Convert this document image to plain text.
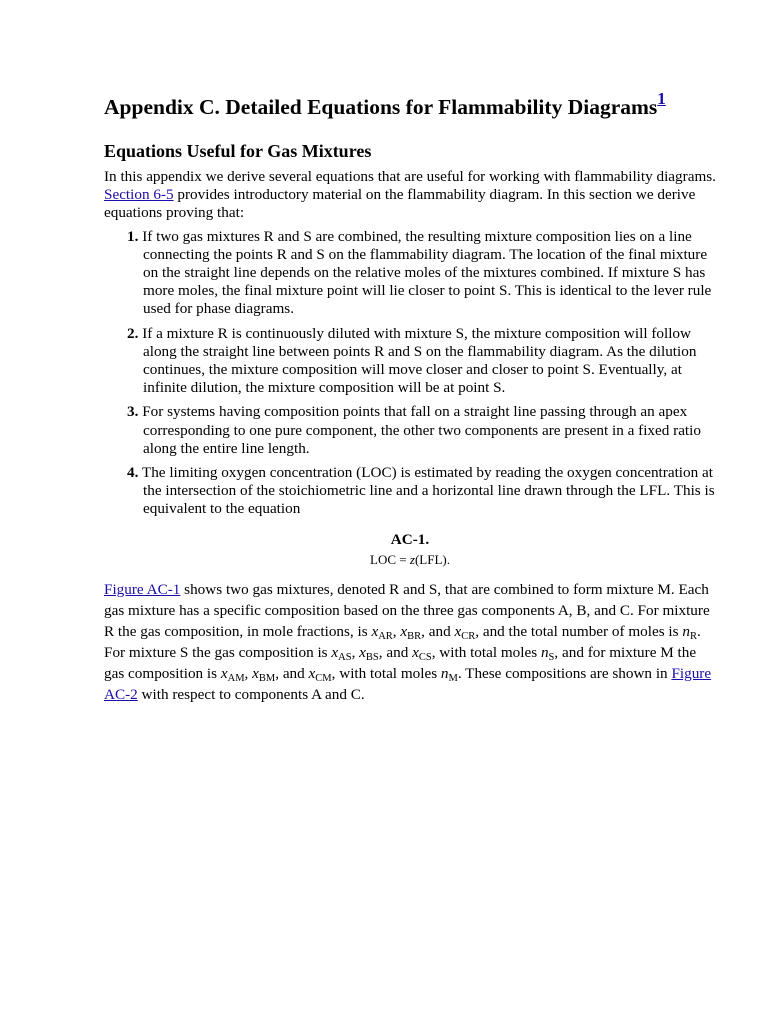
Appendix C. Detailed Equations for Flammability Diagrams$^1$
Equations Useful for Gas Mixtures

In this appendix we derive several equations that are useful for working with flammability diagrams. Section 6-5 provides introductory material on the flammability diagram. In this section we derive equations proving that:

1. If two gas mixtures R and S are combined, the resulting mixture composition lies on a line connecting the points R and S on the flammability diagram. The location of the final mixture on the straight line depends on the relative moles of the mixtures combined. If mixture S has more moles, the final mixture point will lie closer to point S. This is identical to the lever rule used for phase diagrams.
2. If a mixture R is continuously diluted with mixture S, the mixture composition will follow along the straight line between points R and S on the flammability diagram. As the dilution continues, the mixture composition will move closer and closer to point S. Eventually, at infinite dilution, the mixture composition will be at point S.
3. For systems having composition points that fall on a straight line passing through an apex corresponding to one pure component, the other two components are present in a fixed ratio along the entire line length.
4. The limiting oxygen concentration (LOC) is estimated by reading the oxygen concentration at the intersection of the stoichiometric line and a horizontal line drawn through the LFL. This is equivalent to the equation
AC-1.
LOC = z(LFL).

Figure AC-1 shows two gas mixtures, denoted R and S, that are combined to form mixture M. Each gas mixture has a specific composition based on the three gas components A, B, and C. For mixture R the gas composition, in mole fractions, is $x_{AR}$, $x_{BR}$, and $x_{CR}$, and the total number of moles is $n_R$. For mixture S the gas composition is $x_{AS}$, $x_{BS}$, and $x_{CS}$, with total moles $n_S$, and for mixture M the gas composition is $x_{AM}$, $x_{BM}$, and $x_{CM}$, with total moles $n_M$. These compositions are shown in Figure AC-2 with respect to components A and C.
